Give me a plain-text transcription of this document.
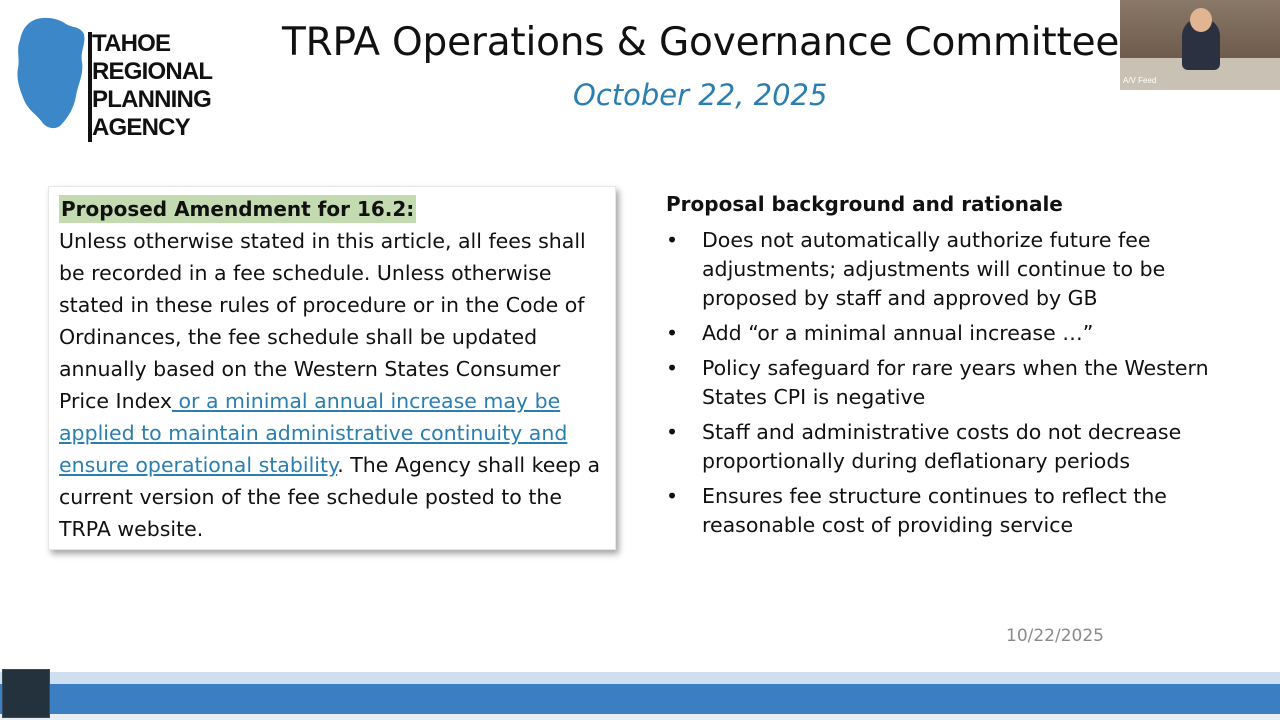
TAHOE
REGIONAL
PLANNING
AGENCY
TRPA Operations & Governance Committee
October 22, 2025	A/V Feed
Proposed Amendment for 16.2:
Unless otherwise stated in this article, all fees shall be recorded in a fee schedule. Unless otherwise stated in these rules of procedure or in the Code of Ordinances, the fee schedule shall be updated annually based on the Western States Consumer Price Index or a minimal annual increase may be applied to maintain administrative continuity and ensure operational stability. The Agency shall keep a current version of the fee schedule posted to the TRPA website.
Proposal background and rationale
• Does not automatically authorize future fee adjustments; adjustments will continue to be proposed by staff and approved by GB
• Add “or a minimal annual increase …”
• Policy safeguard for rare years when the Western States CPI is negative
• Staff and administrative costs do not decrease proportionally during deflationary periods
• Ensures fee structure continues to reflect the reasonable cost of providing service
10/22/2025
